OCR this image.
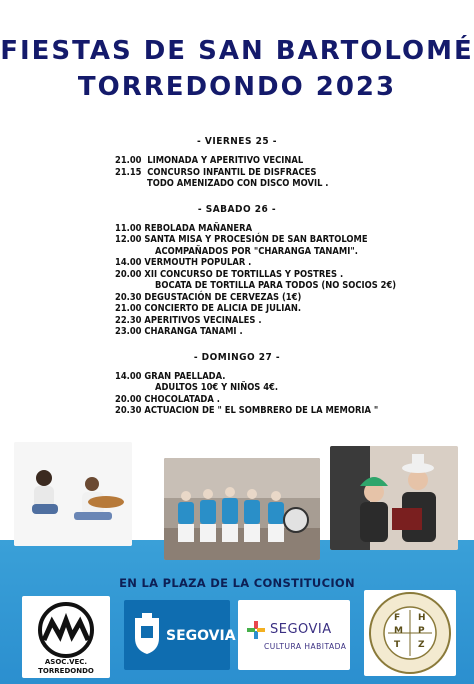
FIESTAS DE SAN BARTOLOMÉ
TORREDONDO 2023
- VIERNES 25 -
21.00 LIMONADA Y APERITIVO VECINAL
21.15 CONCURSO INFANTIL DE DISFRACES
TODO AMENIZADO CON DISCO MOVIL .
- SABADO 26 -
11.00 REBOLADA MAÑANERA
12.00 SANTA MISA Y PROCESIÓN DE SAN BARTOLOME
ACOMPAÑADOS POR "CHARANGA TANAMI".
14.00 VERMOUTH POPULAR .
20.00 XII CONCURSO DE TORTILLAS Y POSTRES .
BOCATA DE TORTILLA PARA TODOS (NO SOCIOS 2€)
20.30 DEGUSTACIÓN DE CERVEZAS (1€)
21.00 CONCIERTO DE ALICIA DE JULIAN.
22.30 APERITIVOS VECINALES .
23.00 CHARANGA TANAMI .
- DOMINGO 27 -
14.00 GRAN PAELLADA.
ADULTOS 10€ Y NIÑOS 4€.
20.00 CHOCOLATADA .
20.30 ACTUACION DE " EL SOMBRERO DE LA MEMORIA "
EN LA PLAZA DE LA CONSTITUCION
ASOC.VEC.
TORREDONDO
SEGOVIA	SEGOVIA
CULTURA HABITADA
F H
M P
T Z
